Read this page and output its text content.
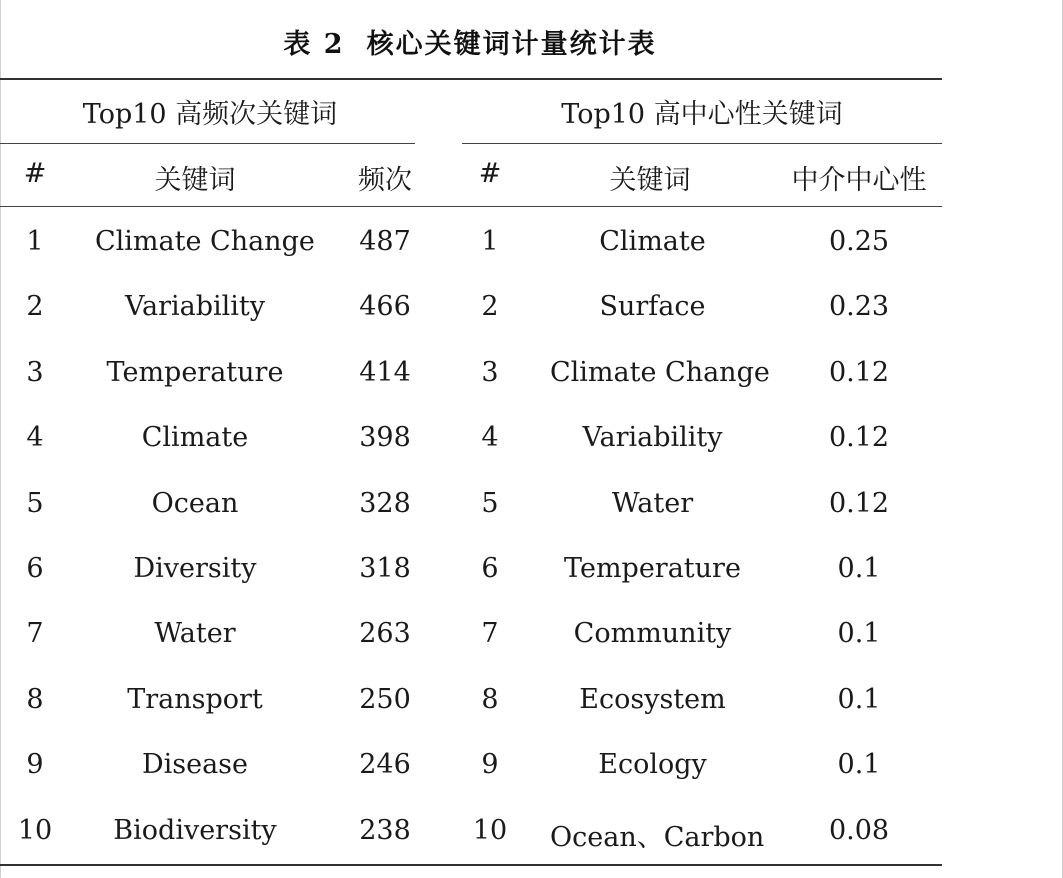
表 2 核心关键词计量统计表
Top10 高频次关键词	Top10 高中心性关键词
#	关键词	频次	#	关键词	中介中心性
1	Climate Change	487	1	Climate	0.25
2	Variability	466	2	Surface	0.23
3	Temperature	414	3	Climate Change	0.12
4	Climate	398	4	Variability	0.12
5	Ocean	328	5	Water	0.12
6	Diversity	318	6	Temperature	0.1
7	Water	263	7	Community	0.1
8	Transport	250	8	Ecosystem	0.1
9	Disease	246	9	Ecology	0.1
10	Biodiversity	238	10 Ocean、Carbon	0.08
